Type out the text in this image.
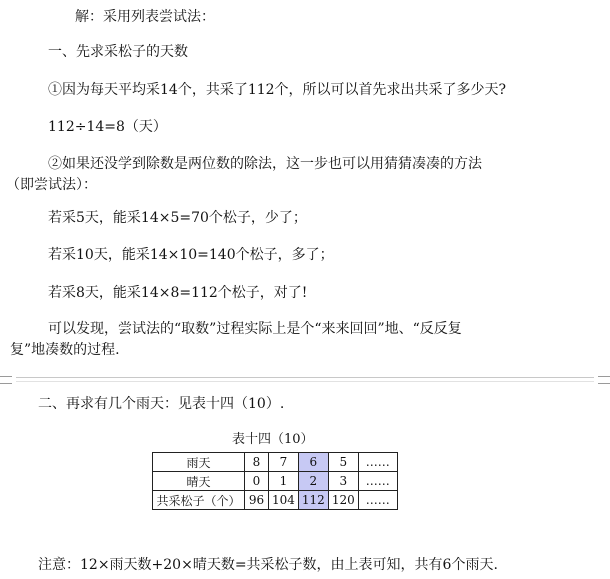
解：采用列表尝试法：
一、先求采松子的天数
①因为每天平均采14个，共采了112个，所以可以首先求出共采了多少天?
112÷14=8（天）
②如果还没学到除数是两位数的除法，这一步也可以用猜猜凑凑的方法
（即尝试法）：
若采5天，能采14×5=70个松子，少了；
若采10天，能采14×10=140个松子，多了；
若采8天，能采14×8=112个松子，对了!
可以发现，尝试法的“取数”过程实际上是个“来来回回”地、“反反复
复”地凑数的过程.
二、再求有几个雨天：见表十四（10）.
表十四（10）
雨天	8	7	6	5	……
晴天	0	1	2	3	……
共采松子（个）	96	104	112	120	……
注意：12×雨天数+20×晴天数=共采松子数，由上表可知，共有6个雨天.
